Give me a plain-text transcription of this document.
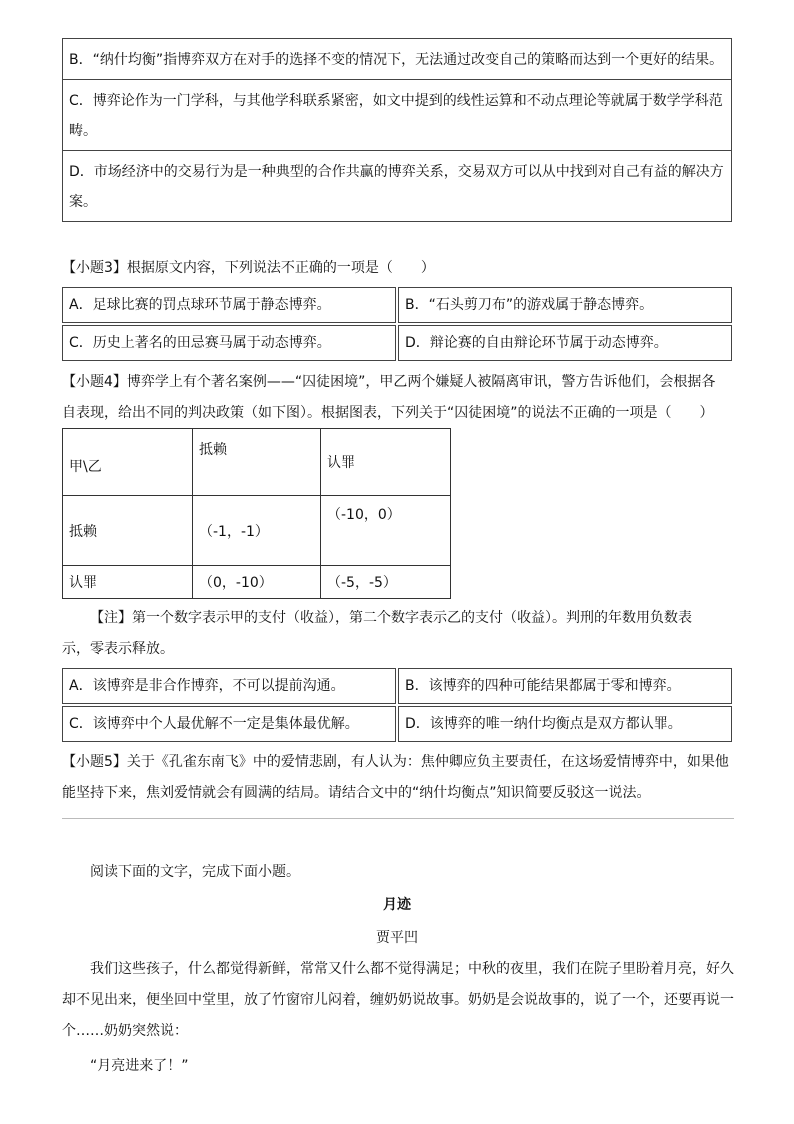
B．“纳什均衡”指博弈双方在对手的选择不变的情况下，无法通过改变自己的策略而达到一个更好的结果。
C．博弈论作为一门学科，与其他学科联系紧密，如文中提到的线性运算和不动点理论等就属于数学学科范畴。
D．市场经济中的交易行为是一种典型的合作共赢的博弈关系，交易双方可以从中找到对自己有益的解决方案。
【小题3】根据原文内容，下列说法不正确的一项是（　　）
A．足球比赛的罚点球环节属于静态博弈。	B．“石头剪刀布”的游戏属于静态博弈。
C．历史上著名的田忌赛马属于动态博弈。	D．辩论赛的自由辩论环节属于动态博弈。
【小题4】博弈学上有个著名案例——“囚徒困境”，甲乙两个嫌疑人被隔离审讯，警方告诉他们，会根据各
自表现，给出不同的判决政策（如下图）。根据图表，下列关于“囚徒困境”的说法不正确的一项是（　　）
甲\乙	抵赖	认罪
抵赖	（-1，-1）	（-10，0）
认罪	（0，-10）	（-5，-5）
【注】第一个数字表示甲的支付（收益），第二个数字表示乙的支付（收益）。判刑的年数用负数表
示，零表示释放。
A．该博弈是非合作博弈，不可以提前沟通。	B．该博弈的四种可能结果都属于零和博弈。
C．该博弈中个人最优解不一定是集体最优解。	D．该博弈的唯一纳什均衡点是双方都认罪。
【小题5】关于《孔雀东南飞》中的爱情悲剧，有人认为：焦仲卿应负主要责任，在这场爱情博弈中，如果他
能坚持下来，焦刘爱情就会有圆满的结局。请结合文中的“纳什均衡点”知识简要反驳这一说法。
阅读下面的文字，完成下面小题。
月迹
贾平凹
我们这些孩子，什么都觉得新鲜，常常又什么都不觉得满足；中秋的夜里，我们在院子里盼着月亮，好久却不见出来，便坐回中堂里，放了竹窗帘儿闷着，缠奶奶说故事。奶奶是会说故事的，说了一个，还要再说一个……奶奶突然说：
“月亮进来了！”
